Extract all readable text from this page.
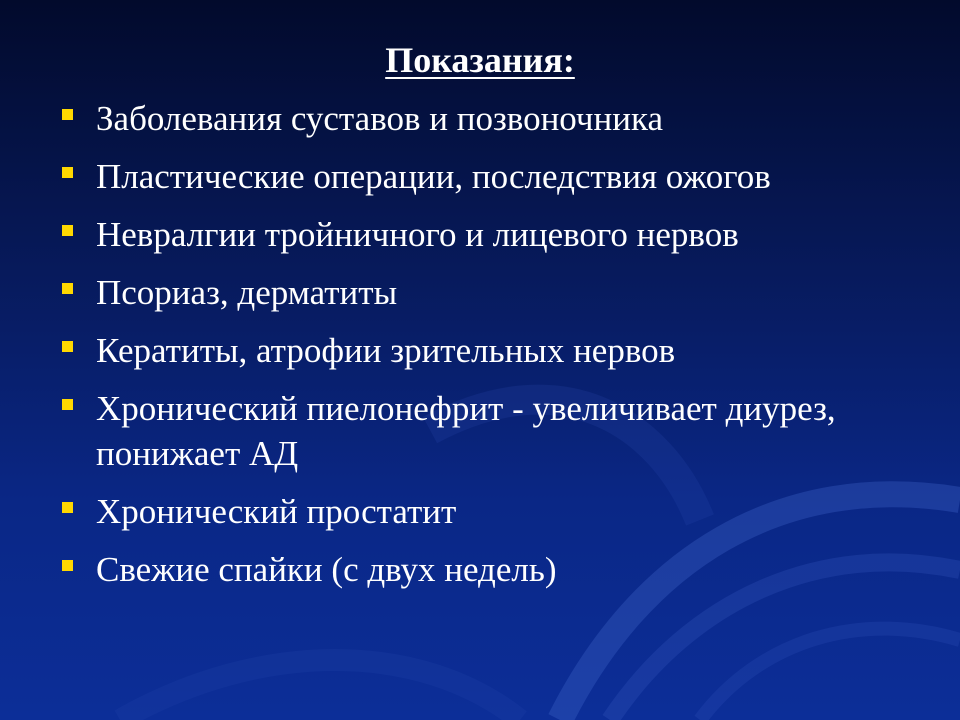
Показания:
Заболевания суставов и позвоночника
Пластические операции, последствия ожогов
Невралгии тройничного и лицевого нервов
Псориаз, дерматиты
Кератиты, атрофии зрительных нервов
Хронический пиелонефрит - увеличивает диурез, понижает АД
Хронический простатит
Свежие спайки (с двух недель)
